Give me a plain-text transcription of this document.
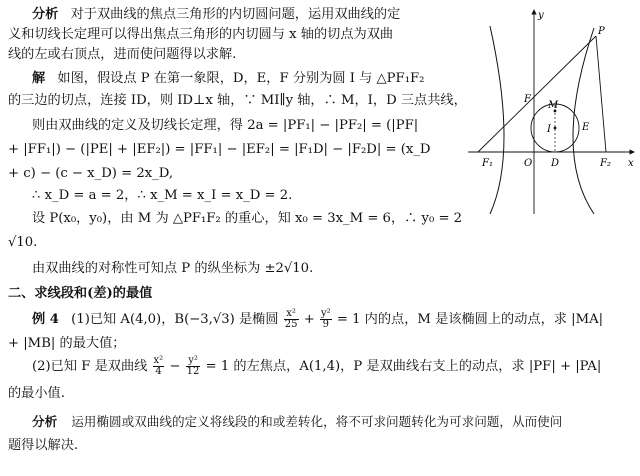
分析 对于双曲线的焦点三角形的内切圆问题，运用双曲线的定
义和切线长定理可以得出焦点三角形的内切圆与 x 轴的切点为双曲
线的左或右顶点，进而使问题得以求解.
解 如图，假设点 P 在第一象限，D，E，F 分别为圆 I 与 △PF₁F₂
的三边的切点，连接 ID，则 ID⊥x 轴，∵ MI∥y 轴，∴ M，I，D 三点共线，
则由双曲线的定义及切线长定理，得 2a = |PF₁| − |PF₂| = (|PF|
+ |FF₁|) − (|PE| + |EF₂|) = |FF₁| − |EF₂| = |F₁D| − |F₂D| = (x_D
+ c) − (c − x_D) = 2x_D,
∴ x_D = a = 2，∴ x_M = x_I = x_D = 2.
设 P(x₀，y₀)，由 M 为 △PF₁F₂ 的重心，知 x₀ = 3x_M = 6，∴ y₀ = 2
√10.
由双曲线的对称性可知点 P 的纵坐标为 ±2√10.
二、求线段和(差)的最值
例 4 (1)已知 A(4,0)，B(−3,√3) 是椭圆 $\frac{\text{x²}}{25} + \frac{\text{y²}}{9} = 1$ 内的点，M 是该椭圆上的动点，求 |MA|
+ |MB| 的最大值；
(2)已知 F 是双曲线 $\frac{\text{x²}}{4} - \frac{\text{y²}}{12} = 1$ 的左焦点，A(1,4)，P 是双曲线右支上的动点，求 |PF| + |PA|
的最小值.
分析 运用椭圆或双曲线的定义将线段的和或差转化，将不可求问题转化为可求问题，从而使问
题得以解决.
y
x
P
F
M
I	E
F₁	O D	F₂
